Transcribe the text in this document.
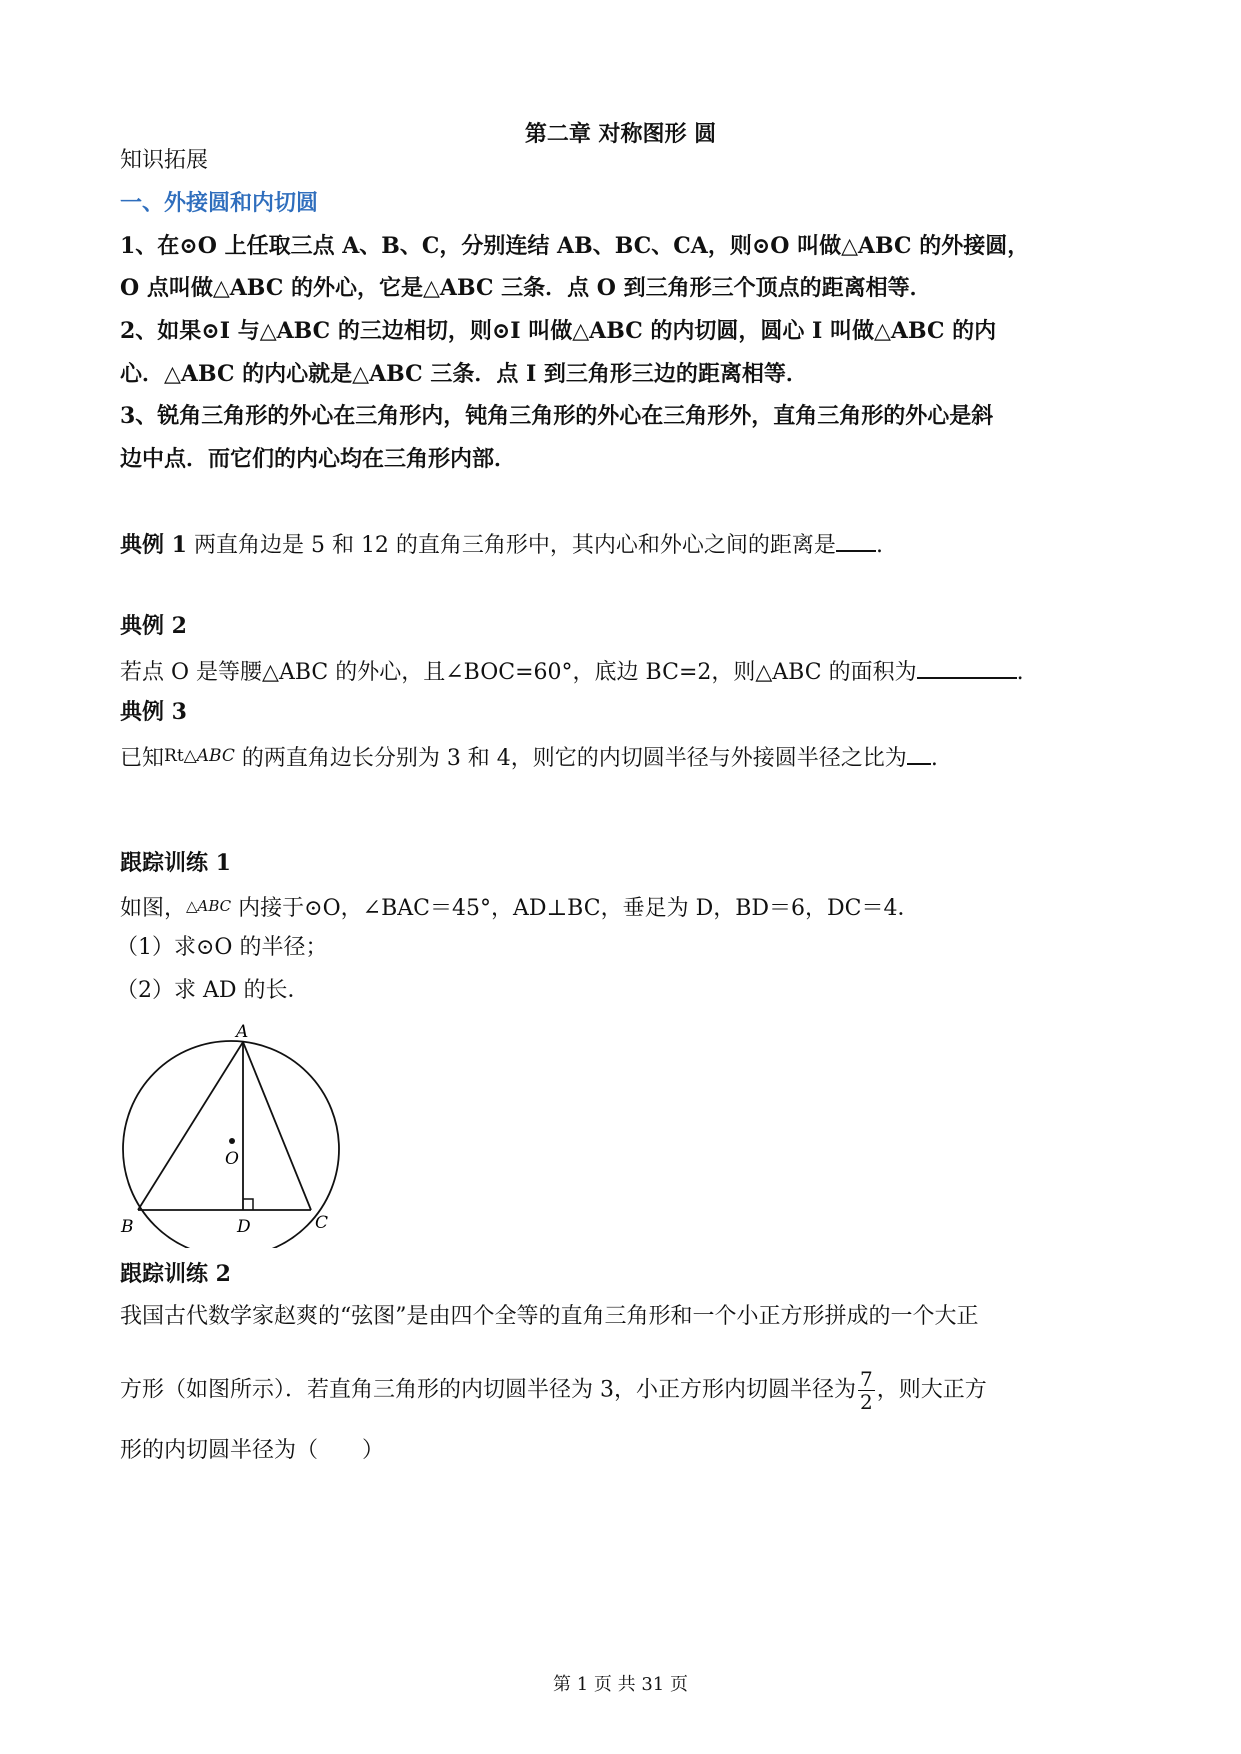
第二章 对称图形 圆
知识拓展
一、外接圆和内切圆
1、在⊙O 上任取三点 A、B、C，分别连结 AB、BC、CA，则⊙O 叫做△ABC 的外接圆，
O 点叫做△ABC 的外心，它是△ABC 三条．点 O 到三角形三个顶点的距离相等．
2、如果⊙I 与△ABC 的三边相切，则⊙I 叫做△ABC 的内切圆，圆心 I 叫做△ABC 的内
心．△ABC 的内心就是△ABC 三条．点 I 到三角形三边的距离相等．
3、锐角三角形的外心在三角形内，钝角三角形的外心在三角形外，直角三角形的外心是斜
边中点．而它们的内心均在三角形内部．
典例 1 两直角边是 5 和 12 的直角三角形中，其内心和外心之间的距离是 .
典例 2
若点 O 是等腰△ABC 的外心，且∠BOC=60°，底边 BC=2，则△ABC 的面积为	.
典例 3
已知Rt△ABC 的两直角边长分别为 3 和 4，则它的内切圆半径与外接圆半径之比为 .
跟踪训练 1
如图，△ABC 内接于⊙O，∠BAC＝45°，AD⊥BC，垂足为 D，BD＝6，DC＝4．
（1）求⊙O 的半径；
（2）求 AD 的长．
A
B	C
D
O
跟踪训练 2
我国古代数学家赵爽的“弦图”是由四个全等的直角三角形和一个小正方形拼成的一个大正
方形（如图所示）．若直角三角形的内切圆半径为 3，小正方形内切圆半径为 $\frac{7}{2}$ ，则大正方
形的内切圆半径为（　　）
第 1 页 共 31 页
